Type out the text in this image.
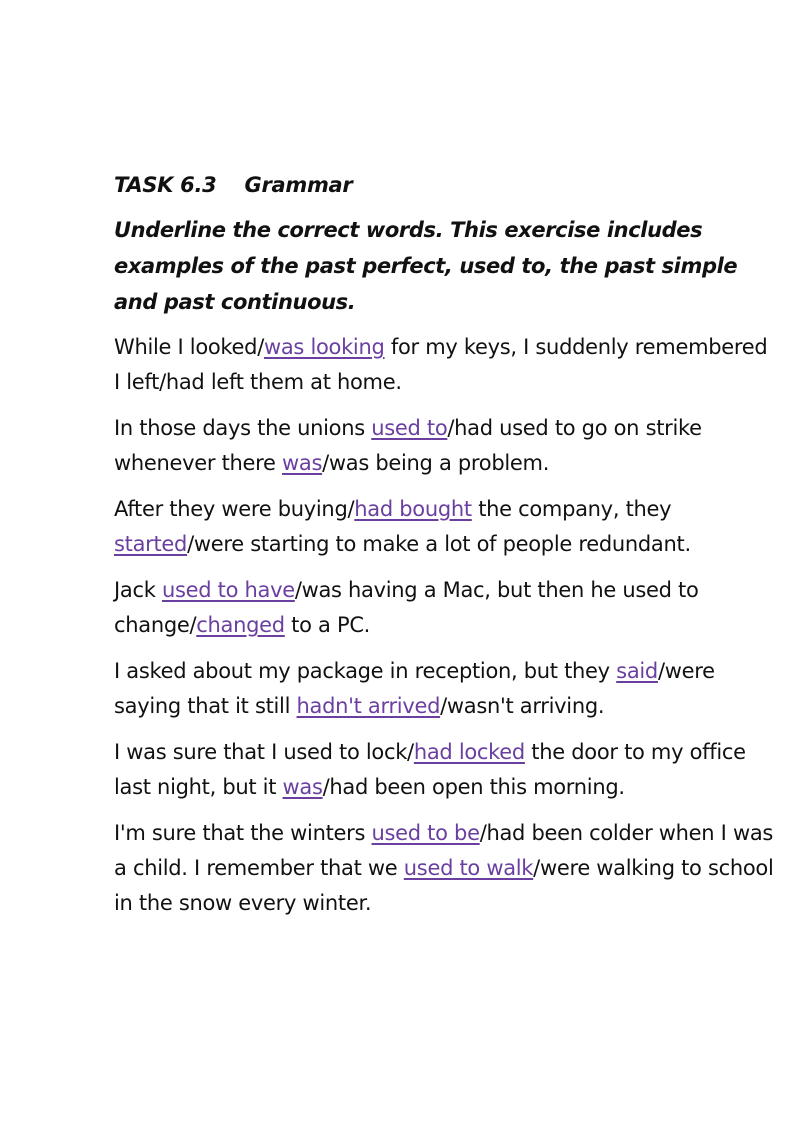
TASK 6.3 Grammar
Underline the correct words. This exercise includes examples of the past perfect, used to, the past simple and past continuous.
While I looked/was looking for my keys, I suddenly remembered I left/had left them at home.
In those days the unions used to/had used to go on strike whenever there was/was being a problem.
After they were buying/had bought the company, they started/were starting to make a lot of people redundant.
Jack used to have/was having a Mac, but then he used to change/changed to a PC.
I asked about my package in reception, but they said/were saying that it still hadn't arrived/wasn't arriving.
I was sure that I used to lock/had locked the door to my office last night, but it was/had been open this morning.
I'm sure that the winters used to be/had been colder when I was a child. I remember that we used to walk/were walking to school in the snow every winter.
